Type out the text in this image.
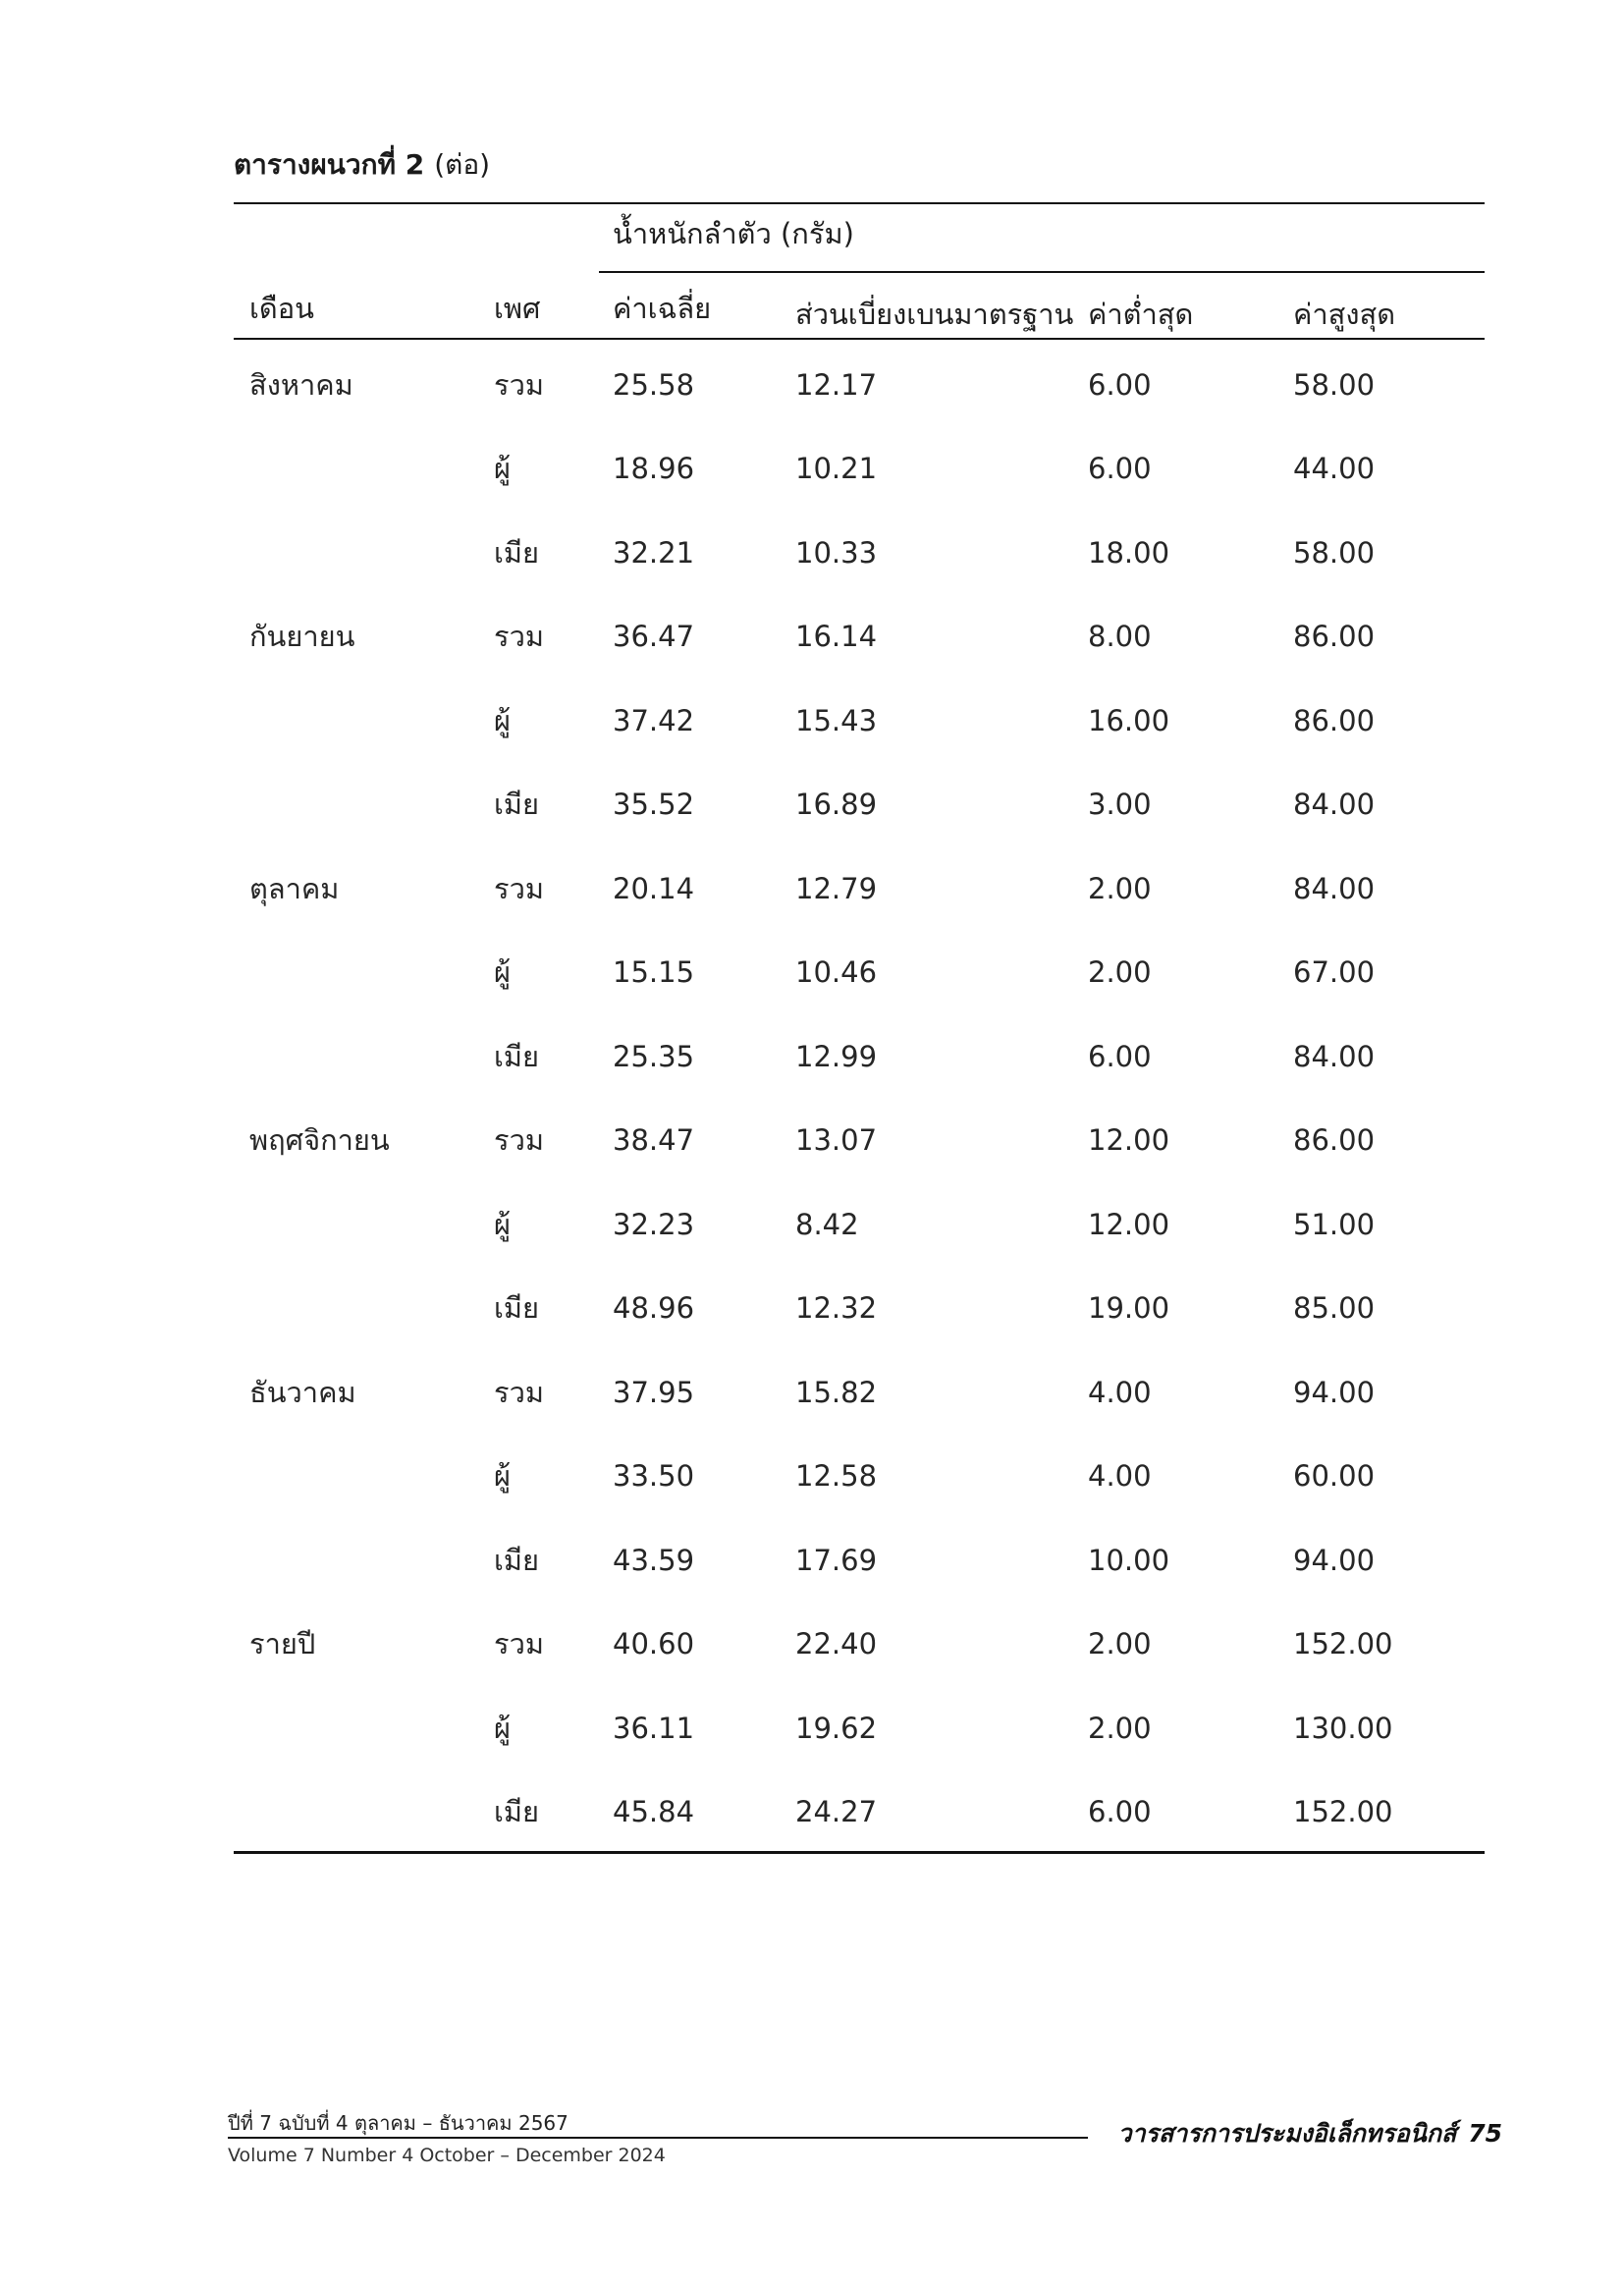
ตารางผนวกที่ 2 (ต่อ)
น้ำหนักลำตัว (กรัม)
เดือน	เพศ	ค่าเฉลี่ย	ส่วนเบี่ยงเบนมาตรฐาน ค่าต่ำสุด	ค่าสูงสุด
สิงหาคม	รวม 25.58	12.17	6.00	58.00
ผู้	18.96	10.21	6.00	44.00
เมีย	32.21	10.33	18.00	58.00
กันยายน	รวม 36.47	16.14	8.00	86.00
ผู้	37.42	15.43	16.00	86.00
เมีย	35.52	16.89	3.00	84.00
ตุลาคม	รวม 20.14	12.79	2.00	84.00
ผู้	15.15	10.46	2.00	67.00
เมีย	25.35	12.99	6.00	84.00
พฤศจิกายน	รวม 38.47	13.07	12.00	86.00
ผู้	32.23	8.42	12.00	51.00
เมีย	48.96	12.32	19.00	85.00
ธันวาคม	รวม 37.95	15.82	4.00	94.00
ผู้	33.50	12.58	4.00	60.00
เมีย	43.59	17.69	10.00	94.00
รายปี	รวม 40.60	22.40	2.00	152.00
ผู้	36.11	19.62	2.00	130.00
เมีย	45.84	24.27	6.00	152.00
ปีที่ 7 ฉบับที่ 4 ตุลาคม – ธันวาคม 2567
Volume 7 Number 4 October – December 2024
วารสารการประมงอิเล็กทรอนิกส์ 75
